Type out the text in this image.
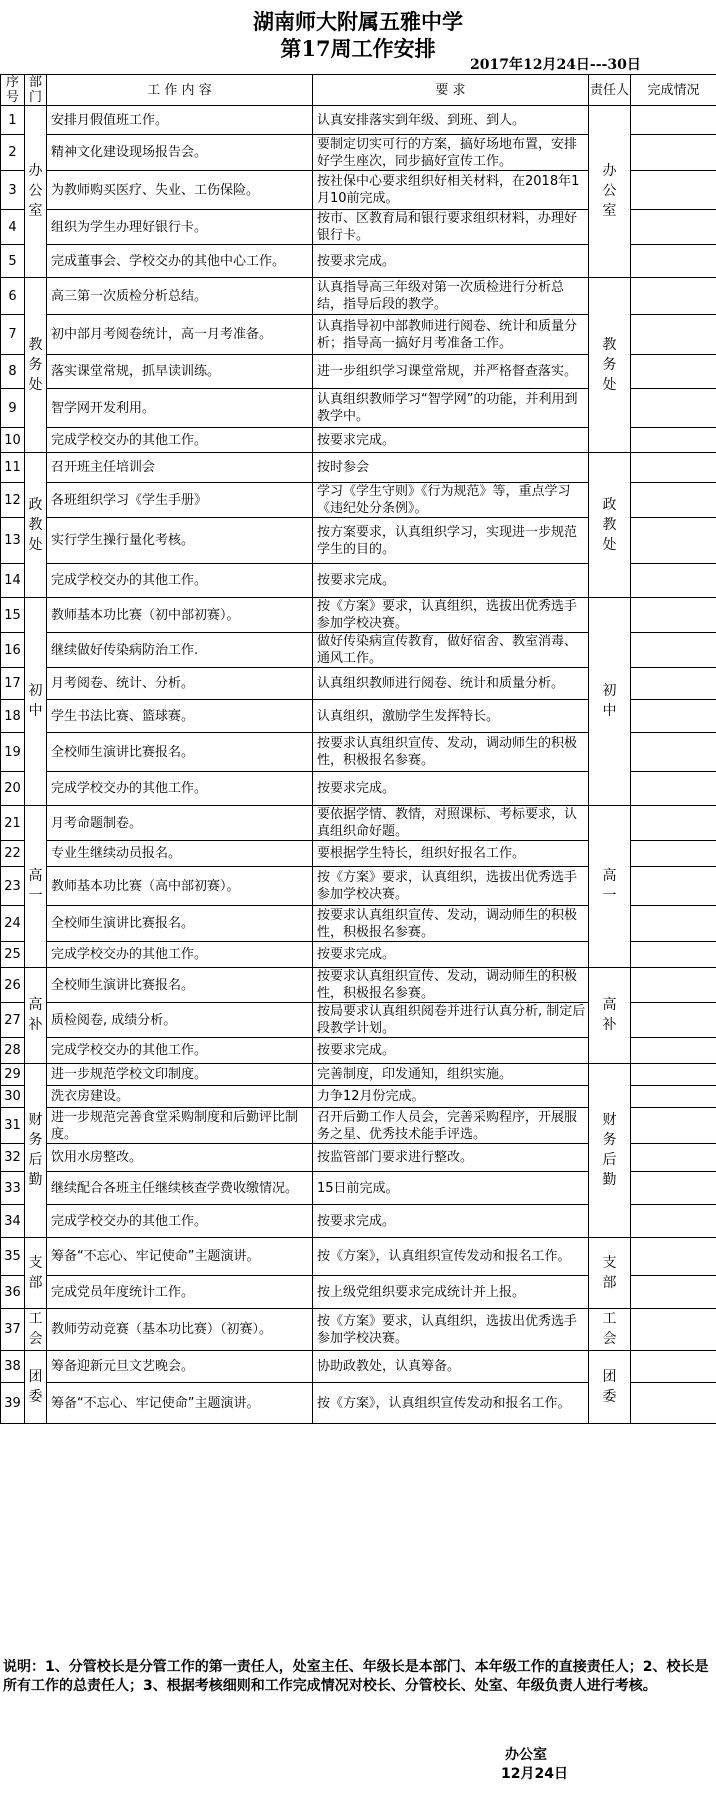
湖南师大附属五雅中学
第17周工作安排
2017年12月24日---30日
序号	部门	工 作 内 容	要 求	责任人	完成情况
1	办公室	安排月假值班工作。	认真安排落实到年级、到班、到人。	办公室	
2		精神文化建设现场报告会。	要制定切实可行的方案，搞好场地布置，安排好学生座次，同步搞好宣传工作。		
3		为教师购买医疗、失业、工伤保险。	按社保中心要求组织好相关材料，在2018年1月10前完成。		
4		组织为学生办理好银行卡。	按市、区教育局和银行要求组织材料，办理好银行卡。		
5		完成董事会、学校交办的其他中心工作。	按要求完成。		
6	教务处	高三第一次质检分析总结。	认真指导高三年级对第一次质检进行分析总结，指导后段的教学。	教务处	
7		初中部月考阅卷统计，高一月考准备。	认真指导初中部教师进行阅卷、统计和质量分析；指导高一搞好月考准备工作。		
8		落实课堂常规，抓早读训练。	进一步组织学习课堂常规，并严格督查落实。		
9		智学网开发利用。	认真组织教师学习“智学网”的功能，并利用到教学中。		
10		完成学校交办的其他工作。	按要求完成。		
11	政教处	召开班主任培训会	按时参会	政教处	
12		各班组织学习《学生手册》	学习《学生守则》《行为规范》等，重点学习《违纪处分条例》。		
13		实行学生操行量化考核。	按方案要求，认真组织学习，实现进一步规范学生的目的。		
14		完成学校交办的其他工作。	按要求完成。		
15	初中	教师基本功比赛（初中部初赛）。	按《方案》要求，认真组织，选拔出优秀选手参加学校决赛。	初中	
16		继续做好传染病防治工作.	做好传染病宣传教育，做好宿舍、教室消毒、通风工作。		
17		月考阅卷、统计、分析。	认真组织教师进行阅卷、统计和质量分析。		
18		学生书法比赛、篮球赛。	认真组织，激励学生发挥特长。		
19		全校师生演讲比赛报名。	按要求认真组织宣传、发动，调动师生的积极性，积极报名参赛。		
20		完成学校交办的其他工作。	按要求完成。		
21	高一	月考命题制卷。	要依据学情、教情，对照课标、考标要求，认真组织命好题。	高一	
22		专业生继续动员报名。	要根据学生特长，组织好报名工作。		
23		教师基本功比赛（高中部初赛）。	按《方案》要求，认真组织，选拔出优秀选手参加学校决赛。		
24		全校师生演讲比赛报名。	按要求认真组织宣传、发动，调动师生的积极性，积极报名参赛。		
25		完成学校交办的其他工作。	按要求完成。		
26	高补	全校师生演讲比赛报名。	按要求认真组织宣传、发动，调动师生的积极性，积极报名参赛。	高补	
27		质检阅卷, 成绩分析。	按局要求认真组织阅卷并进行认真分析, 制定后段教学计划。		
28		完成学校交办的其他工作。	按要求完成。		
29	财务后勤	进一步规范学校文印制度。	完善制度，印发通知，组织实施。	财务后勤	
30		洗衣房建设。	力争12月份完成。		
31		进一步规范完善食堂采购制度和后勤评比制度。	召开后勤工作人员会，完善采购程序，开展服务之星、优秀技术能手评选。		
32		饮用水房整改。	按监管部门要求进行整改。		
33		继续配合各班主任继续核查学费收缴情况。	15日前完成。		
34		完成学校交办的其他工作。	按要求完成。		
35	支部	筹备“不忘心、牢记使命”主题演讲。	按《方案》，认真组织宣传发动和报名工作。	支部	
36		完成党员年度统计工作。	按上级党组织要求完成统计并上报。		
37	工会	教师劳动竞赛（基本功比赛）（初赛）。	按《方案》要求，认真组织，选拔出优秀选手参加学校决赛。	工会	
38	团委	筹备迎新元旦文艺晚会。	协助政教处，认真筹备。	团委	
39		筹备“不忘心、牢记使命”主题演讲。	按《方案》，认真组织宣传发动和报名工作。		
说明：1、分管校长是分管工作的第一责任人，处室主任、年级长是本部门、本年级工作的直接责任人；2、校长是所有工作的总责任人；3、根据考核细则和工作完成情况对校长、分管校长、处室、年级负责人进行考核。
办公室
12月24日
